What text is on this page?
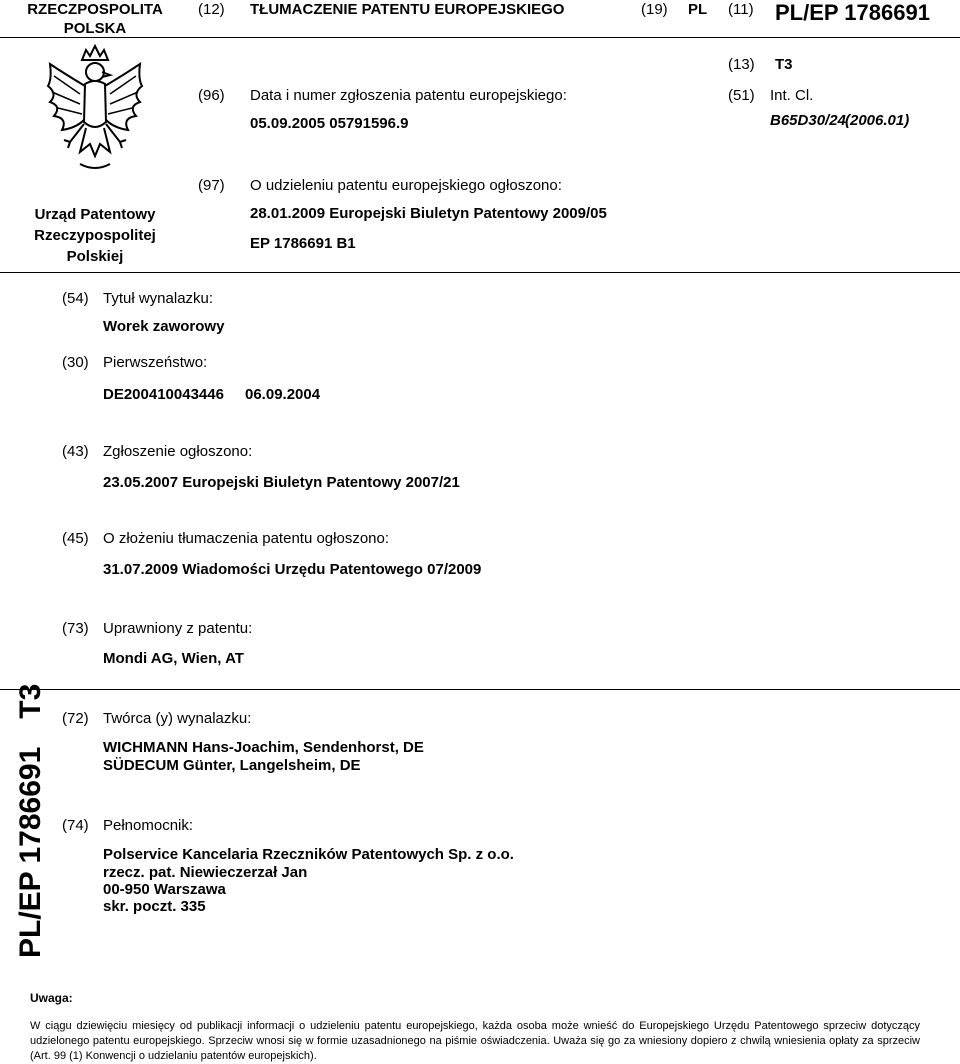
RZECZPOSPOLITA
POLSKA
(12) TŁUMACZENIE PATENTU EUROPEJSKIEGO	(19) PL (11) PL/EP 1786691
Urząd Patentowy
Rzeczypospolitej
Polskiej
(13) T3
(96) Data i numer zgłoszenia patentu europejskiego:	(51) Int. Cl.
05.09.2005 05791596.9	B65D30/24 (2006.01)
(97) O udzieleniu patentu europejskiego ogłoszono:
28.01.2009 Europejski Biuletyn Patentowy 2009/05
EP 1786691 B1
(54) Tytuł wynalazku:
Worek zaworowy
(30) Pierwszeństwo:
DE200410043446 06.09.2004
(43) Zgłoszenie ogłoszono:
23.05.2007 Europejski Biuletyn Patentowy 2007/21
(45) O złożeniu tłumaczenia patentu ogłoszono:
31.07.2009 Wiadomości Urzędu Patentowego 07/2009
(73) Uprawniony z patentu:
Mondi AG, Wien, AT
PL/EP 1786691T3 (72) Twórca (y) wynalazku:
WICHMANN Hans-Joachim, Sendenhorst, DE
SÜDECUM Günter, Langelsheim, DE
(74) Pełnomocnik:
Polservice Kancelaria Rzeczników Patentowych Sp. z o.o.
rzecz. pat. Niewieczerzał Jan
00-950 Warszawa
skr. poczt. 335
Uwaga:
W ciągu dziewięciu miesięcy od publikacji informacji o udzieleniu patentu europejskiego, każda osoba może wnieść do Europejskiego Urzędu Patentowego sprzeciw dotyczący udzielonego patentu europejskiego. Sprzeciw wnosi się w formie uzasadnionego na piśmie oświadczenia. Uważa się go za wniesiony dopiero z chwilą wniesienia opłaty za sprzeciw (Art. 99 (1) Konwencji o udzielaniu patentów europejskich).
